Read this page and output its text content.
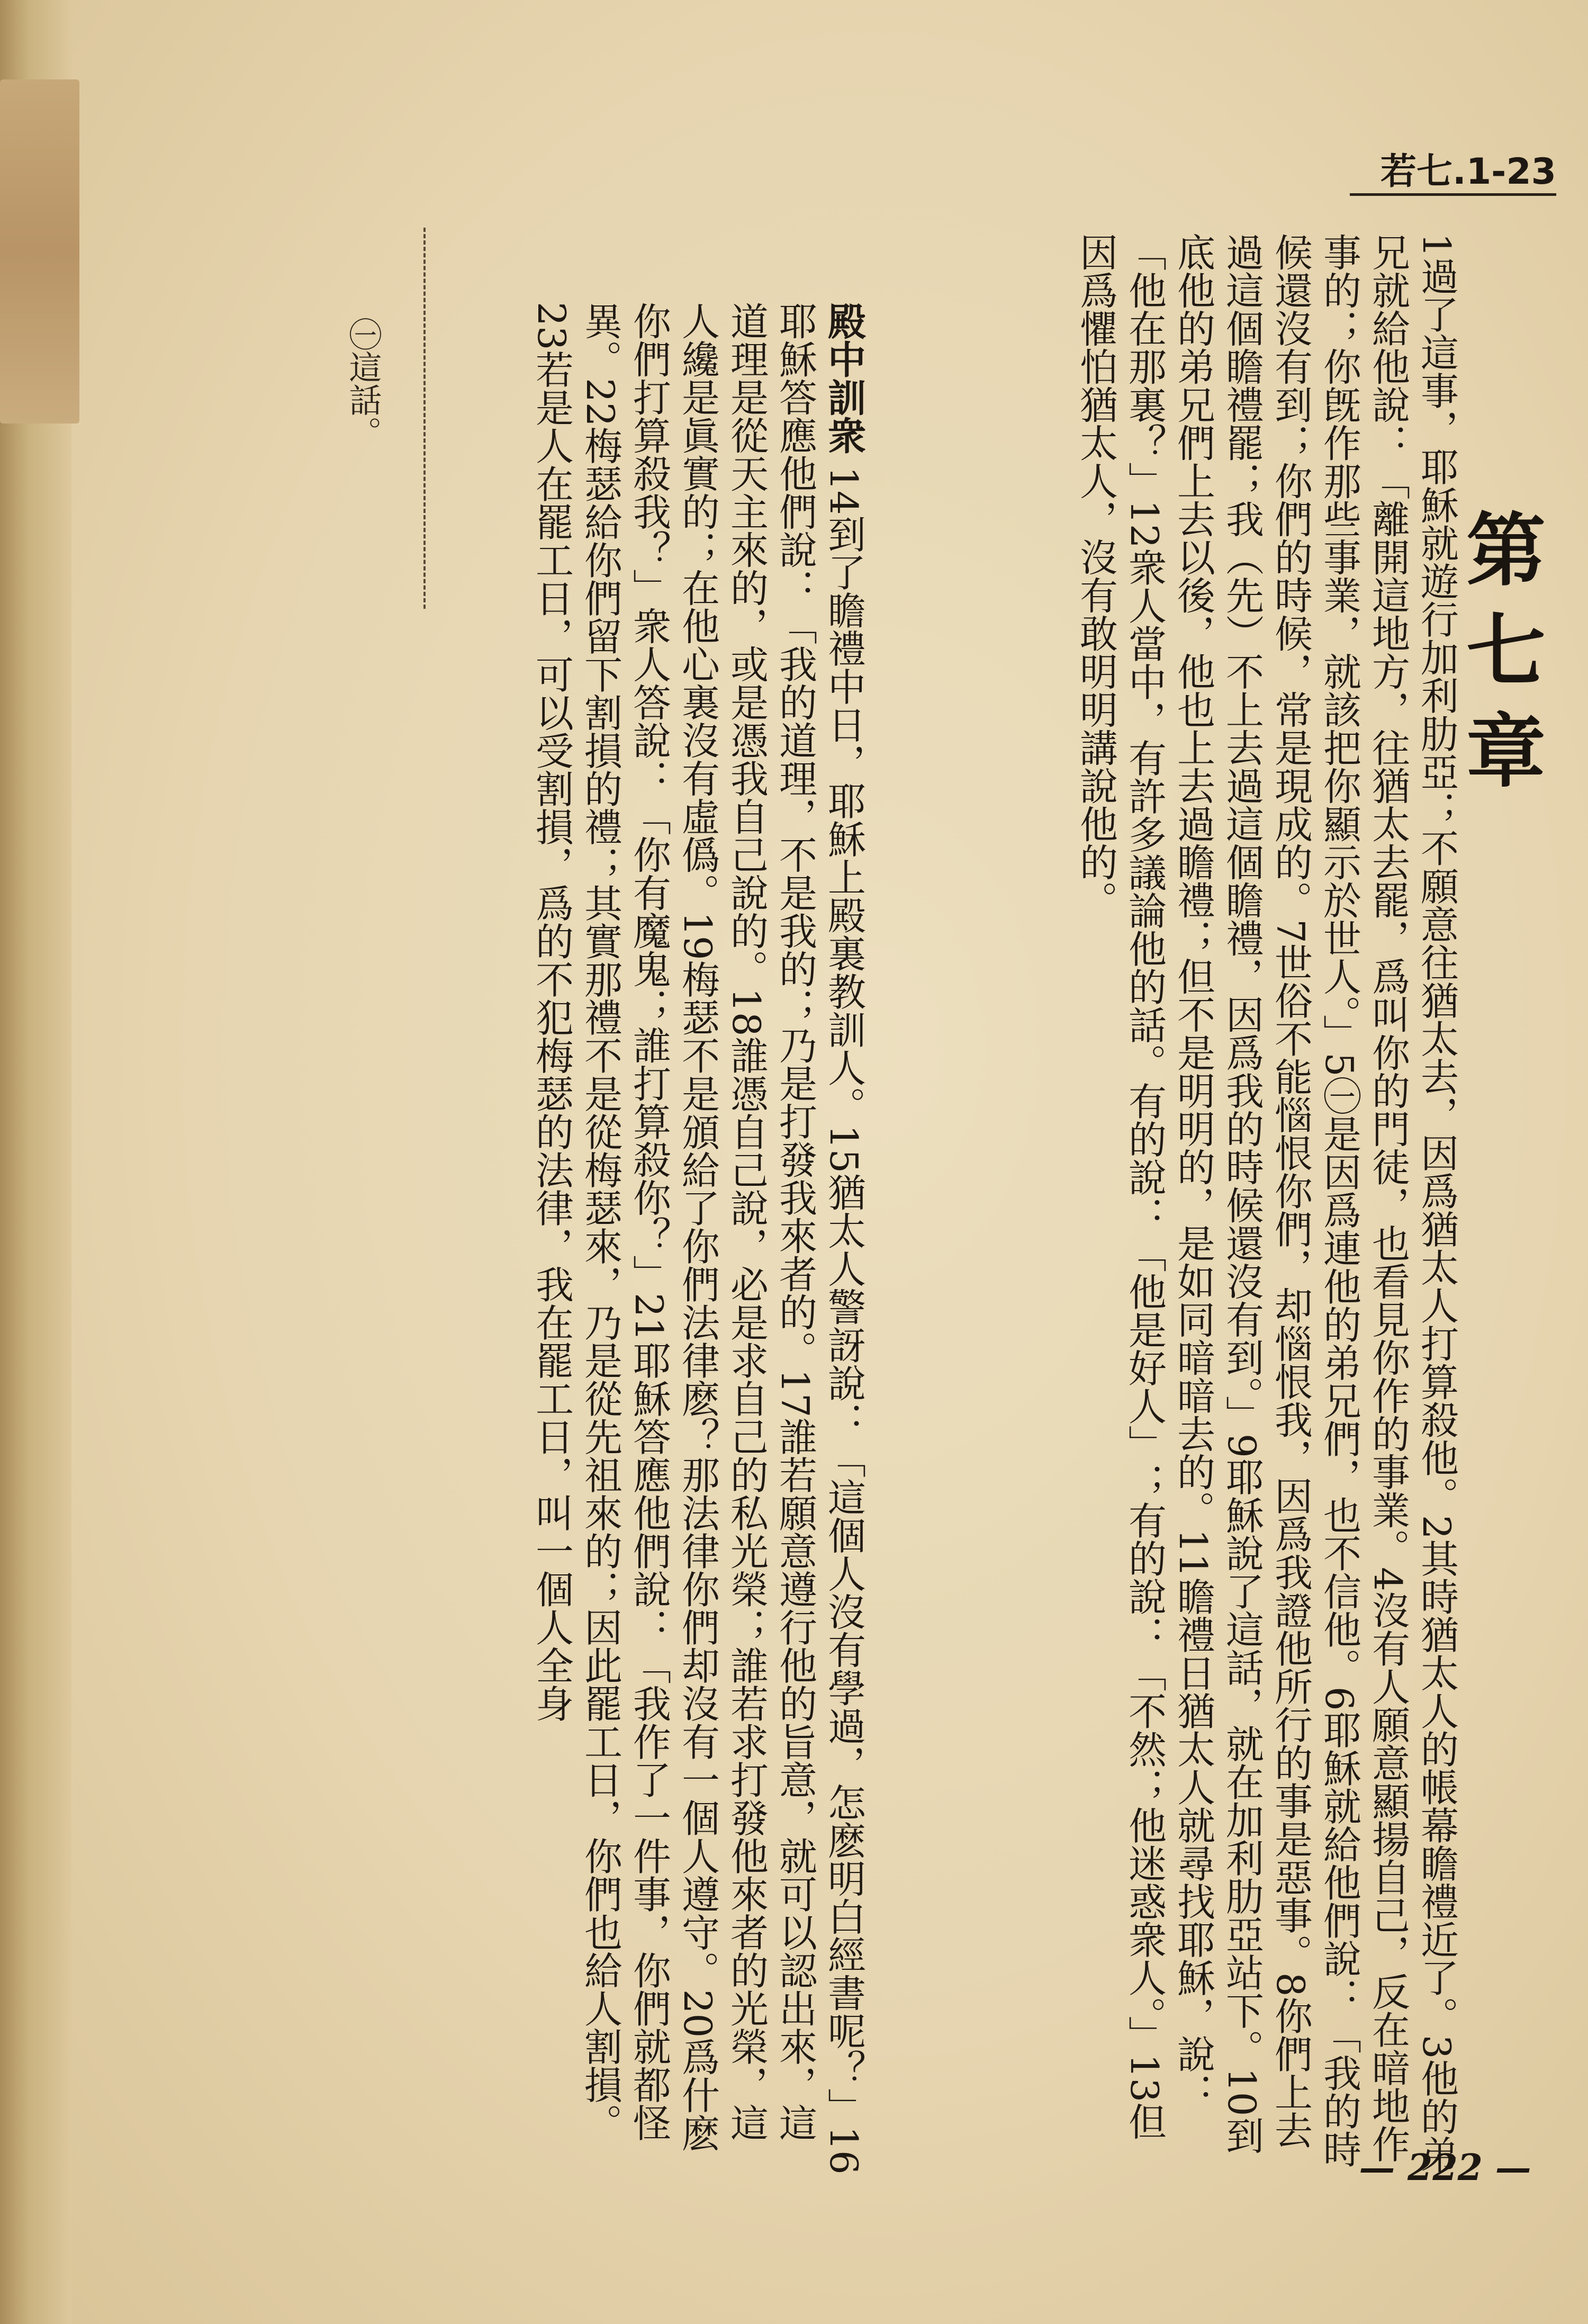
若七.1-23
第七章

1過了這事，耶穌就遊行加利肋亞；不願意往猶太去，因爲猶太人打算殺他。2其時猶太人的帳幕瞻禮近了。3他的弟兄就給他說：「離開這地方，往猶太去罷，爲叫你的門徒，也看見你作的事業。4沒有人願意顯揚自己，反在暗地作事的；你旣作那些事業，就該把你顯示於世人。」5㊀是因爲連他的弟兄們，也不信他。6耶穌就給他們說：「我的時候還沒有到；你們的時候，常是現成的。7世俗不能惱恨你們，却惱恨我，因爲我證他所行的事是惡事。8你們上去過這個瞻禮罷；我（先）不上去過這個瞻禮，因爲我的時候還沒有到。」9耶穌說了這話，就在加利肋亞站下。10到底他的弟兄們上去以後，他也上去過瞻禮；但不是明明的，是如同暗暗去的。11瞻禮日猶太人就尋找耶穌，說：「他在那裏？」12衆人當中，有許多議論他的話。有的說：「他是好人」；有的說：「不然；他迷惑衆人。」13但因爲懼怕猶太人，沒有敢明明講說他的。

殿中訓衆 14到了瞻禮中日，耶穌上殿裏教訓人。15猶太人警訝說：「這個人沒有學過，怎麽明白經書呢？」16耶穌答應他們說：「我的道理，不是我的；乃是打發我來者的。17誰若願意遵行他的旨意，就可以認出來，這道理是從天主來的，或是憑我自己說的。18誰憑自己說，必是求自己的私光榮；誰若求打發他來者的光榮，這人纔是眞實的；在他心裏沒有虛僞。19梅瑟不是頒給了你們法律麽？那法律你們却沒有一個人遵守。20爲什麽你們打算殺我？」衆人答說：「你有魔鬼；誰打算殺你？」21耶穌答應他們說：「我作了一件事，你們就都怪異。22梅瑟給你們留下割損的禮；其實那禮不是從梅瑟來，乃是從先祖來的；因此罷工日，你們也給人割損。23若是人在罷工日，可以受割損，爲的不犯梅瑟的法律，我在罷工日，叫一個人全身
㊀這話。
— 222 —
